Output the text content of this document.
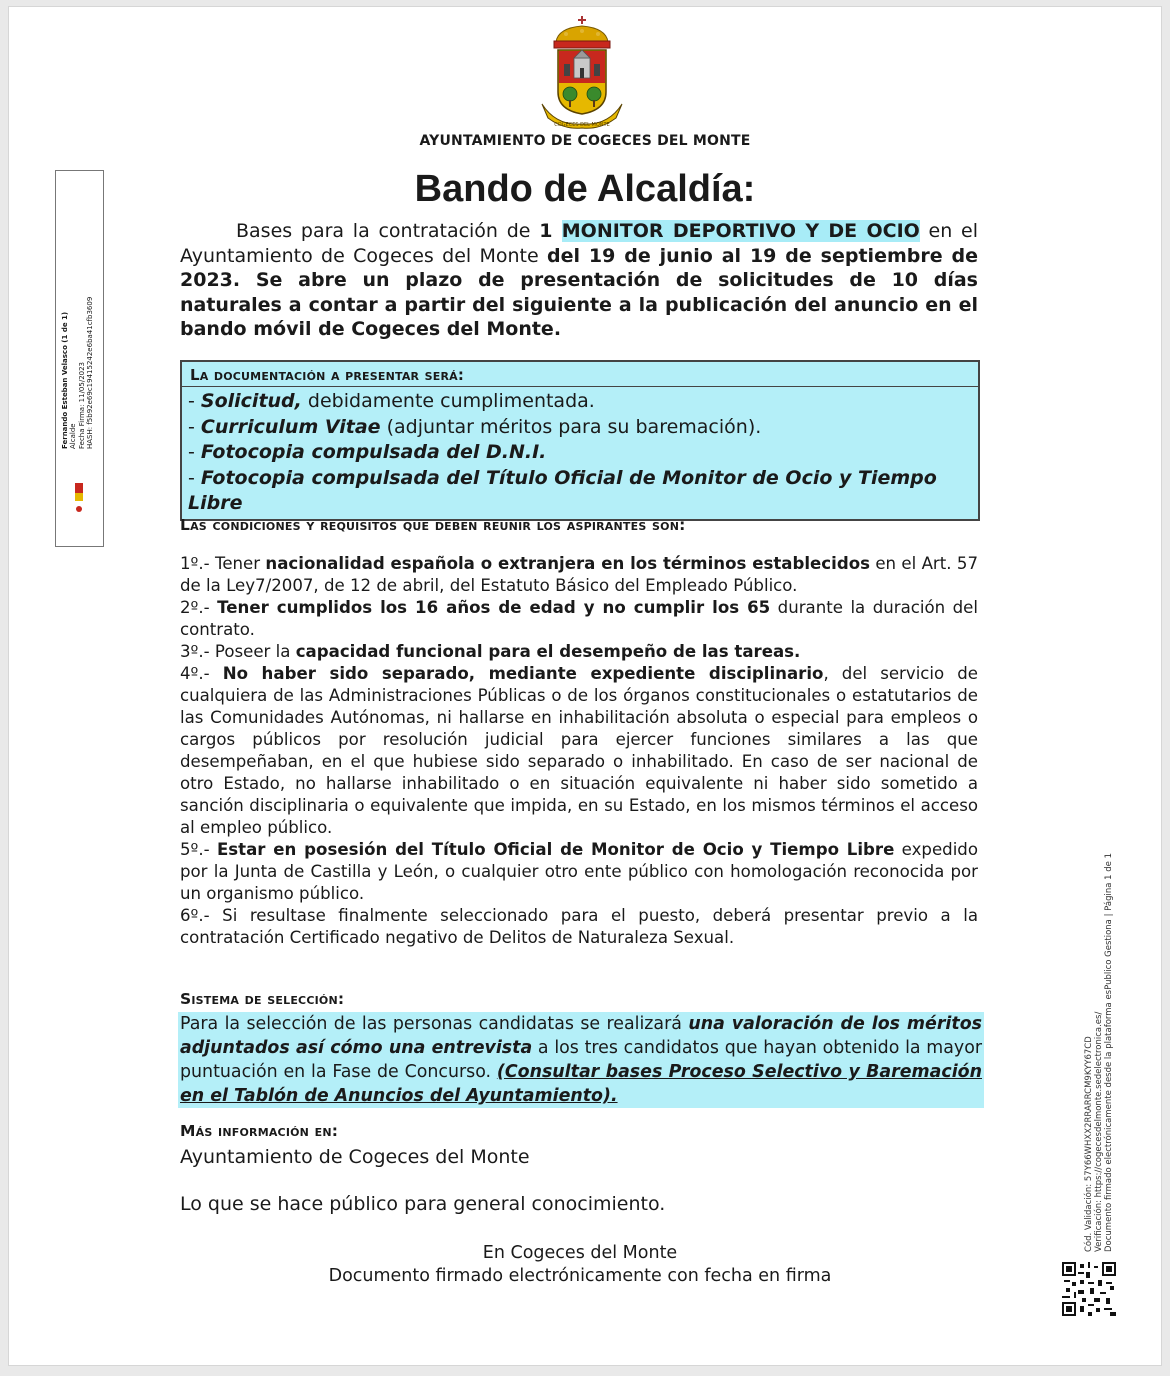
COGECES DEL MONTE
AYUNTAMIENTO DE COGECES DEL MONTE
Bando de Alcaldía:
Bases para la contratación de 1 MONITOR DEPORTIVO Y DE OCIO en el Ayuntamiento de Cogeces del Monte del 19 de junio al 19 de septiembre de 2023. Se abre un plazo de presentación de solicitudes de 10 días naturales a contar a partir del siguiente a la publicación del anuncio en el bando móvil de Cogeces del Monte.
La documentación a presentar será:
- Solicitud, debidamente cumplimentada.
- Curriculum Vitae (adjuntar méritos para su baremación).
- Fotocopia compulsada del D.N.I.
- Fotocopia compulsada del Título Oficial de Monitor de Ocio y Tiempo Libre
Las condiciones y requisitos que deben reunir los aspirantes son:

1º.- Tener nacionalidad española o extranjera en los términos establecidos en el Art. 57 de la Ley7/2007, de 12 de abril, del Estatuto Básico del Empleado Público.

2º.- Tener cumplidos los 16 años de edad y no cumplir los 65 durante la duración del contrato.

3º.- Poseer la capacidad funcional para el desempeño de las tareas.

4º.- No haber sido separado, mediante expediente disciplinario, del servicio de cualquiera de las Administraciones Públicas o de los órganos constitucionales o estatutarios de las Comunidades Autónomas, ni hallarse en inhabilitación absoluta o especial para empleos o cargos públicos por resolución judicial para ejercer funciones similares a las que desempeñaban, en el que hubiese sido separado o inhabilitado. En caso de ser nacional de otro Estado, no hallarse inhabilitado o en situación equivalente ni haber sido sometido a sanción disciplinaria o equivalente que impida, en su Estado, en los mismos términos el acceso al empleo público.

5º.- Estar en posesión del Título Oficial de Monitor de Ocio y Tiempo Libre expedido por la Junta de Castilla y León, o cualquier otro ente público con homologación reconocida por un organismo público.

6º.- Si resultase finalmente seleccionado para el puesto, deberá presentar previo a la contratación Certificado negativo de Delitos de Naturaleza Sexual.

Sistema de selección:
Para la selección de las personas candidatas se realizará una valoración de los méritos adjuntados así cómo una entrevista a los tres candidatos que hayan obtenido la mayor puntuación en la Fase de Concurso. (Consultar bases Proceso Selectivo y Baremación en el Tablón de Anuncios del Ayuntamiento).
Más información en:
Ayuntamiento de Cogeces del Monte
Lo que se hace público para general conocimiento.
En Cogeces del Monte
Documento firmado electrónicamente con fecha en firma
Fernando Esteban Velasco (1 de 1) Alcalde Fecha Firma: 11/05/2023 HASH: f5b92e69c19415242e6ba41cfb3609
Cód. Validación: 57Y66WHXX2RRARRCM9KYY67CD Verificación: https://cogecesdelmonte.sedelectronica.es/ Documento firmado electrónicamente desde la plataforma esPublico Gestiona | Página 1 de 1
